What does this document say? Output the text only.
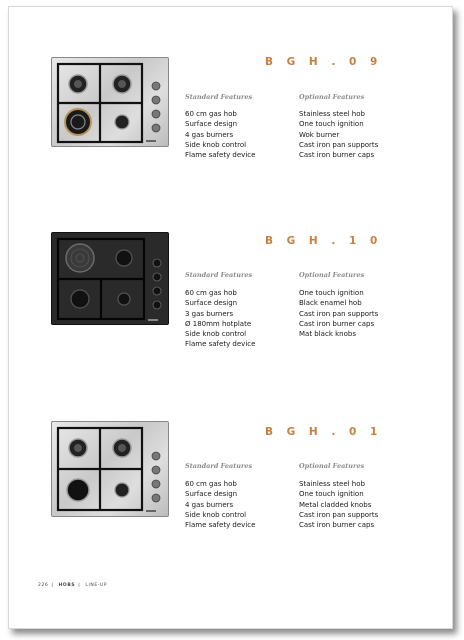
B G H . 0 9
Standard Features
60 cm gas hob
Surface design
4 gas burners
Side knob control
Flame safety device
Optional Features
Stainless steel hob
One touch ignition
Wok burner
Cast iron pan supports
Cast iron burner caps
B G H . 1 0
Standard Features
60 cm gas hob
Surface design
3 gas burners
Ø 180mm hotplate
Side knob control
Flame safety device
Optional Features
One touch ignition
Black enamel hob
Cast iron pan supports
Cast iron burner caps
Mat black knobs
B G H . 0 1
Standard Features
60 cm gas hob
Surface design
4 gas burners
Side knob control
Flame safety device
Optional Features
Stainless steel hob
One touch ignition
Metal cladded knobs
Cast iron pan supports
Cast iron burner caps
226 | HOBS | LINE-UP
